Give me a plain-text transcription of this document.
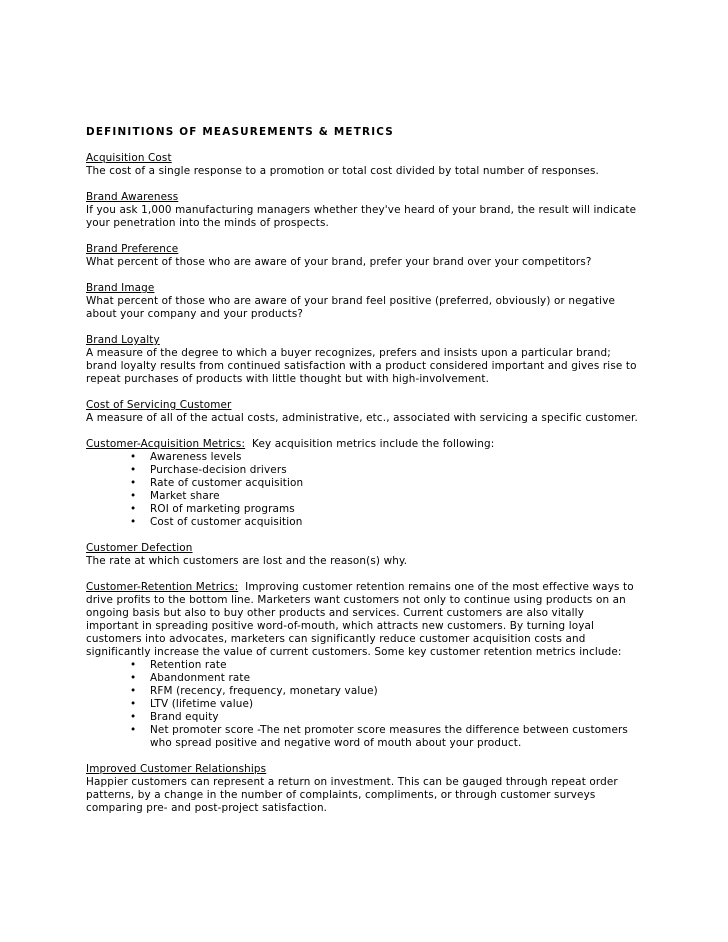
DEFINITIONS OF MEASUREMENTS & METRICS
Acquisition Cost
The cost of a single response to a promotion or total cost divided by total number of responses.
Brand Awareness
If you ask 1,000 manufacturing managers whether they've heard of your brand, the result will indicate
your penetration into the minds of prospects.
Brand Preference
What percent of those who are aware of your brand, prefer your brand over your competitors?
Brand Image
What percent of those who are aware of your brand feel positive (preferred, obviously) or negative
about your company and your products?
Brand Loyalty
A measure of the degree to which a buyer recognizes, prefers and insists upon a particular brand;
brand loyalty results from continued satisfaction with a product considered important and gives rise to
repeat purchases of products with little thought but with high-involvement.
Cost of Servicing Customer
A measure of all of the actual costs, administrative, etc., associated with servicing a specific customer.
Customer-Acquisition Metrics:  Key acquisition metrics include the following:
• Awareness levels
• Purchase-decision drivers
• Rate of customer acquisition
• Market share
• ROI of marketing programs
• Cost of customer acquisition
Customer Defection
The rate at which customers are lost and the reason(s) why.
Customer-Retention Metrics:  Improving customer retention remains one of the most effective ways to
drive profits to the bottom line. Marketers want customers not only to continue using products on an
ongoing basis but also to buy other products and services. Current customers are also vitally
important in spreading positive word-of-mouth, which attracts new customers. By turning loyal
customers into advocates, marketers can significantly reduce customer acquisition costs and
significantly increase the value of current customers. Some key customer retention metrics include:
• Retention rate
• Abandonment rate
• RFM (recency, frequency, monetary value)
• LTV (lifetime value)
• Brand equity
• Net promoter score -The net promoter score measures the difference between customers
who spread positive and negative word of mouth about your product.
Improved Customer Relationships
Happier customers can represent a return on investment. This can be gauged through repeat order
patterns, by a change in the number of complaints, compliments, or through customer surveys
comparing pre- and post-project satisfaction.
